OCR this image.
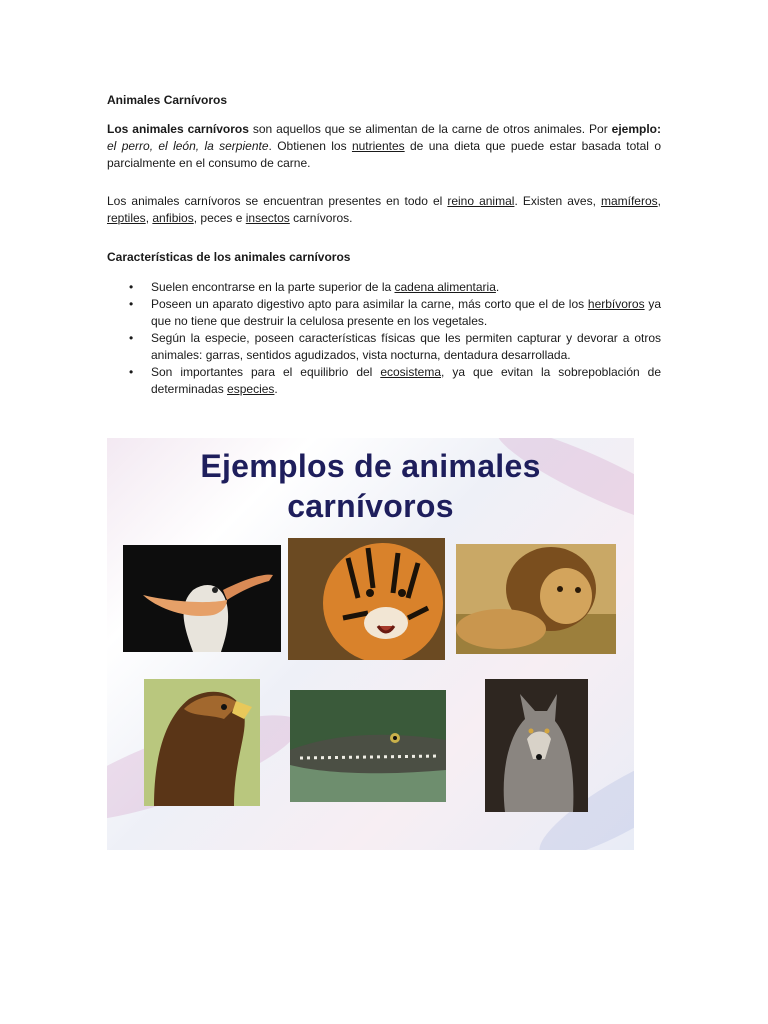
Animales Carnívoros

Los animales carnívoros son aquellos que se alimentan de la carne de otros animales. Por ejemplo: el perro, el león, la serpiente. Obtienen los nutrientes de una dieta que puede estar basada total o parcialmente en el consumo de carne.

Los animales carnívoros se encuentran presentes en todo el reino animal. Existen aves, mamíferos, reptiles, anfibios, peces e insectos carnívoros.

Características de los animales carnívoros
• Suelen encontrarse en la parte superior de la cadena alimentaria.
• Poseen un aparato digestivo apto para asimilar la carne, más corto que el de los herbívoros ya que no tiene que destruir la celulosa presente en los vegetales.
• Según la especie, poseen características físicas que les permiten capturar y devorar a otros animales: garras, sentidos agudizados, vista nocturna, dentadura desarrollada.
• Son importantes para el equilibrio del ecosistema, ya que evitan la sobrepoblación de determinadas especies.
Ejemplos de animales
carnívoros
